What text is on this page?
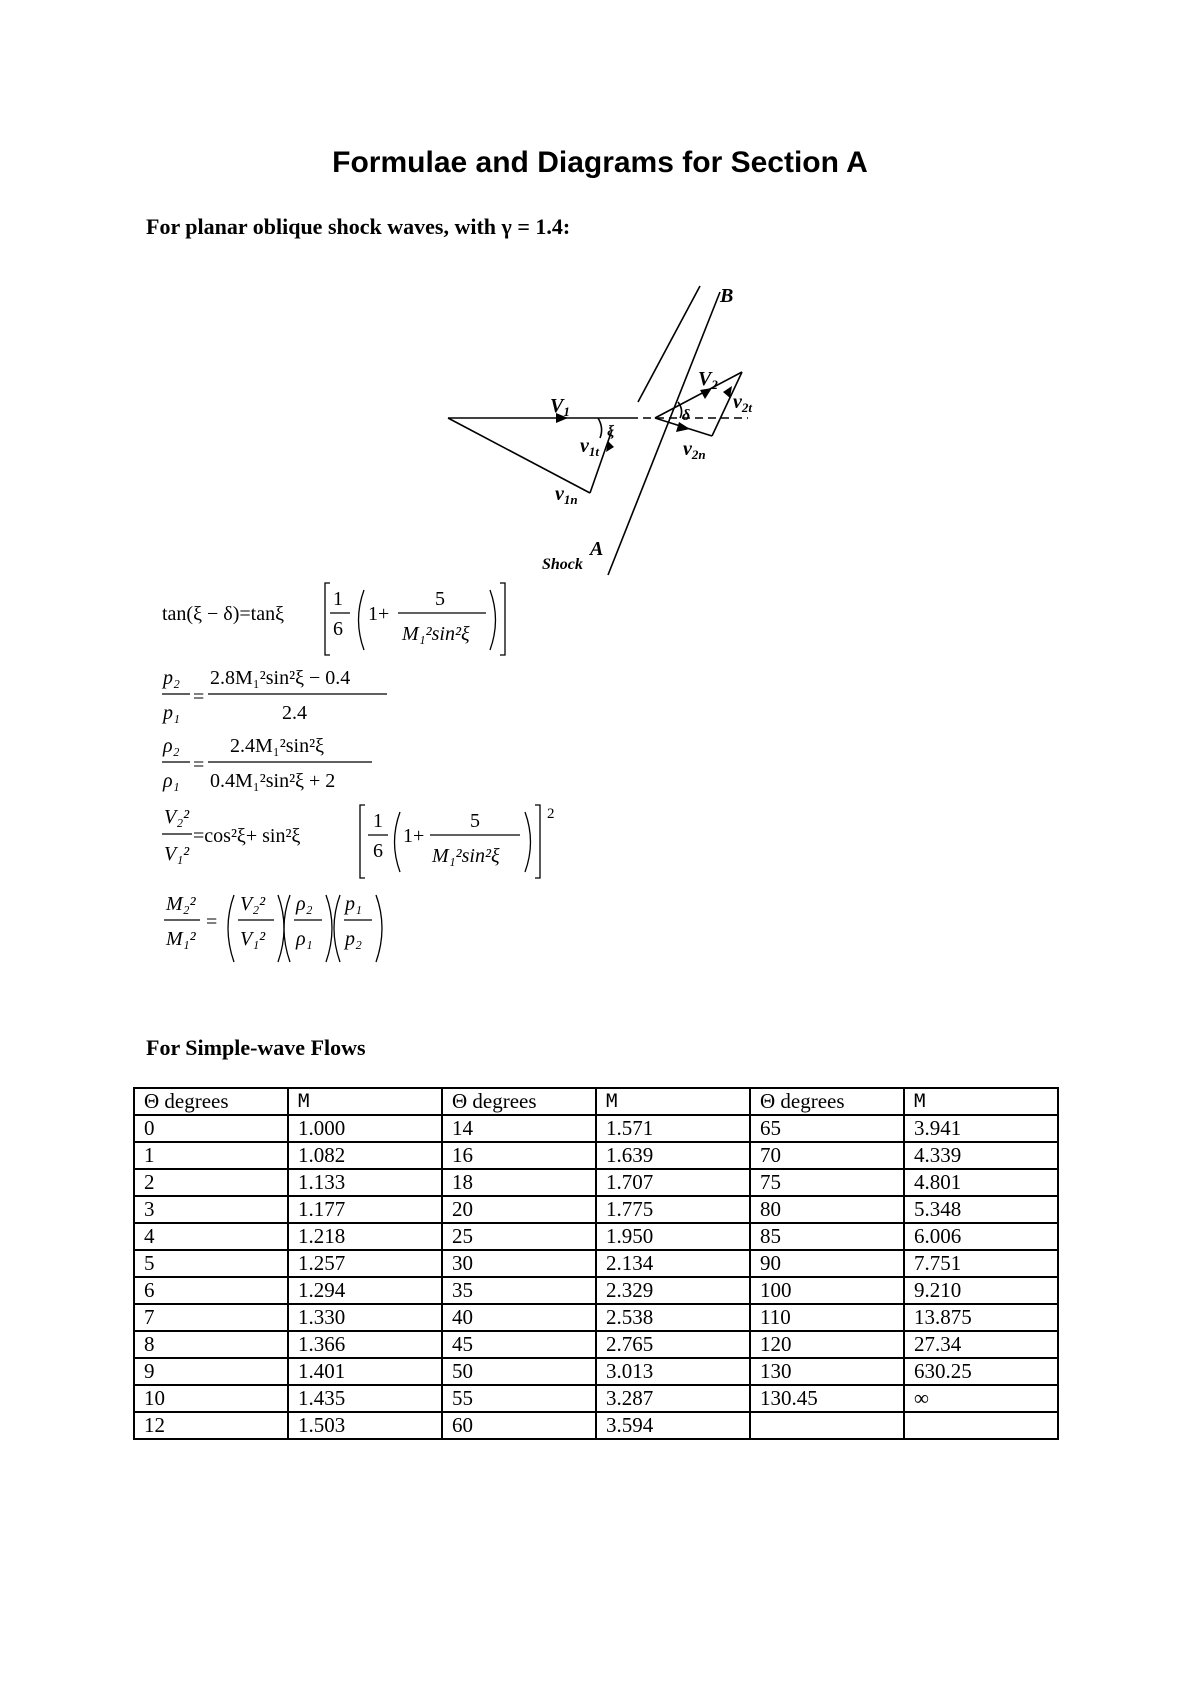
Formulae and Diagrams for Section A
For planar oblique shock waves, with γ = 1.4:
B
A
$V_1$
$V_2$
$v_{1t}$
$v_{1n}$
$v_{2t}$
$v_{2n}$
ξ
δ
Shock
tan(ξ − δ)=tanξ
1
6
1+
5
M₁²sin²ξ
p₂
p₁
=
2.8M₁²sin²ξ − 0.4
2.4
ρ₂
ρ₁
=
2.4M₁²sin²ξ
0.4M₁²sin²ξ + 2
V₂²
V₁²
=cos²ξ+ sin²ξ
1
6
1+
5
M₁²sin²ξ
2
M₂²
M₁²
=
V₂²
V₁²
ρ₂
ρ₁
p₁
p₂
For Simple-wave Flows
Θ degrees	M	Θ degrees	M	Θ degrees	M
0	1.000	14	1.571	65	3.941
1	1.082	16	1.639	70	4.339
2	1.133	18	1.707	75	4.801
3	1.177	20	1.775	80	5.348
4	1.218	25	1.950	85	6.006
5	1.257	30	2.134	90	7.751
6	1.294	35	2.329	100	9.210
7	1.330	40	2.538	110	13.875
8	1.366	45	2.765	120	27.34
9	1.401	50	3.013	130	630.25
10	1.435	55	3.287	130.45	∞
12	1.503	60	3.594		
